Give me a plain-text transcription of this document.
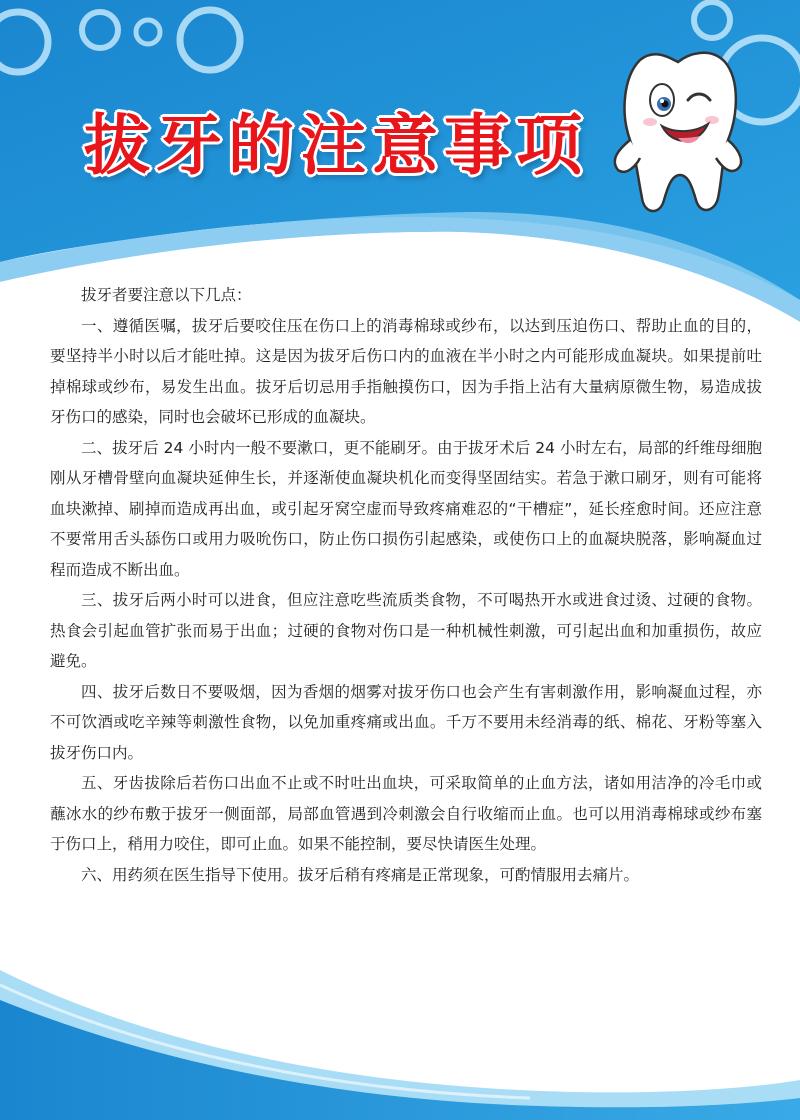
拔牙的注意事项

拔牙者要注意以下几点：

一、遵循医嘱，拔牙后要咬住压在伤口上的消毒棉球或纱布，以达到压迫伤口、帮助止血的目的，要坚持半小时以后才能吐掉。这是因为拔牙后伤口内的血液在半小时之内可能形成血凝块。如果提前吐掉棉球或纱布，易发生出血。拔牙后切忌用手指触摸伤口，因为手指上沾有大量病原微生物，易造成拔牙伤口的感染，同时也会破坏已形成的血凝块。

二、拔牙后 24 小时内一般不要漱口，更不能刷牙。由于拔牙术后 24 小时左右，局部的纤维母细胞刚从牙槽骨壁向血凝块延伸生长，并逐渐使血凝块机化而变得坚固结实。若急于漱口刷牙，则有可能将血块漱掉、刷掉而造成再出血，或引起牙窝空虚而导致疼痛难忍的“干槽症”，延长痊愈时间。还应注意不要常用舌头舔伤口或用力吸吮伤口，防止伤口损伤引起感染，或使伤口上的血凝块脱落，影响凝血过程而造成不断出血。

三、拔牙后两小时可以进食，但应注意吃些流质类食物，不可喝热开水或进食过烫、过硬的食物。热食会引起血管扩张而易于出血；过硬的食物对伤口是一种机械性刺激，可引起出血和加重损伤，故应避免。

四、拔牙后数日不要吸烟，因为香烟的烟雾对拔牙伤口也会产生有害刺激作用，影响凝血过程，亦不可饮酒或吃辛辣等刺激性食物，以免加重疼痛或出血。千万不要用未经消毒的纸、棉花、牙粉等塞入拔牙伤口内。

五、牙齿拔除后若伤口出血不止或不时吐出血块，可采取简单的止血方法，诸如用洁净的冷毛巾或蘸冰水的纱布敷于拔牙一侧面部，局部血管遇到冷刺激会自行收缩而止血。也可以用消毒棉球或纱布塞于伤口上，稍用力咬住，即可止血。如果不能控制，要尽快请医生处理。

六、用药须在医生指导下使用。拔牙后稍有疼痛是正常现象，可酌情服用去痛片。
